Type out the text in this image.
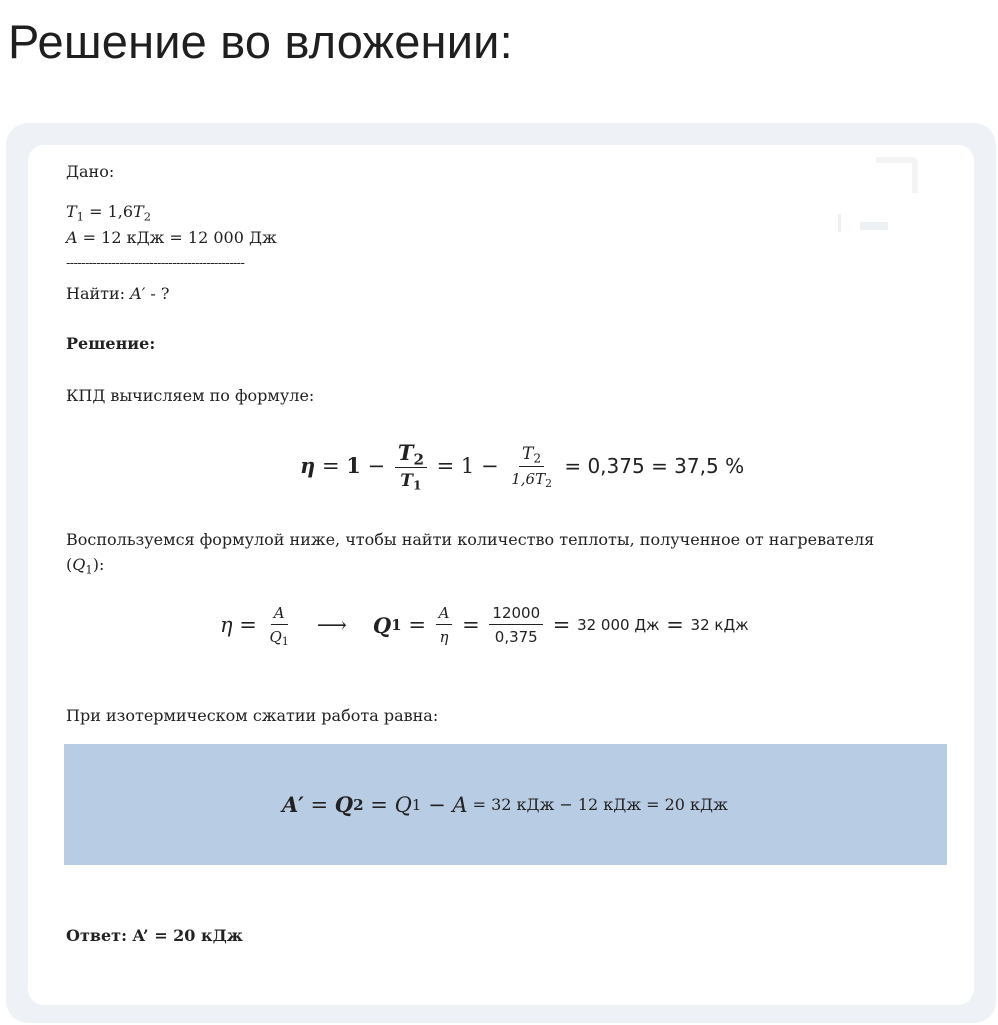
Решение во вложении:
Дано:
$T_1 = 1,6T_2$
A = 12 кДж = 12 000 Дж
-----------------------------------------------
Найти: A′ - ?
Решение:
КПД вычисляем по формуле:
$\eta = 1 - \frac{T_2}{T_1} = 1 - \frac{T_2}{1,6T_2} = 0,375 = 37,5$ %
Воспользуемся формулой ниже, чтобы найти количество теплоты, полученное от нагревателя
$(Q_1)$:
$\eta = \frac{A}{Q_1}$ ⟶ Q $1 = \frac{A}{\eta} = \frac{12000}{0,375} = 32$ 000 Дж = 32 кДж
При изотермическом сжатии работа равна:
A′ = Q 2 = Q 1 − A = 32 кДж − 12 кДж = 20 кДж
Ответ: A’ = 20 кДж
